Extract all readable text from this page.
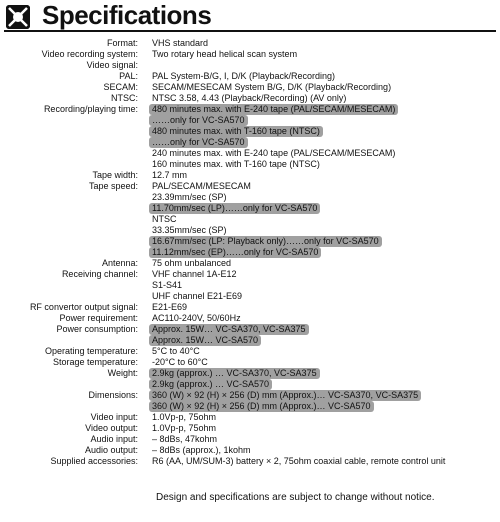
Specifications
Format: VHS standard
Video recording system: Two rotary head helical scan system
Video signal:
PAL: PAL System-B/G, I, D/K (Playback/Recording)
SECAM: SECAM/MESECAM System B/G, D/K (Playback/Recording)
NTSC: NTSC 3.58, 4.43 (Playback/Recording) (AV only)
Recording/playing time:	480 minutes max. with E-240 tape (PAL/SECAM/MESECAM)
……only for VC-SA570
480 minutes max. with T-160 tape (NTSC)
……only for VC-SA570
240 minutes max. with E-240 tape (PAL/SECAM/MESECAM)
160 minutes max. with T-160 tape (NTSC)
Tape width: 12.7 mm
Tape speed: PAL/SECAM/MESECAM
23.39mm/sec (SP)
11.70mm/sec (LP)……only for VC-SA570
NTSC
33.35mm/sec (SP)
16.67mm/sec (LP: Playback only)……only for VC-SA570
11.12mm/sec (EP)……only for VC-SA570
Antenna: 75 ohm unbalanced
Receiving channel: VHF channel 1A-E12
S1-S41
UHF channel E21-E69
RF convertor output signal: E21-E69
Power requirement: AC110-240V, 50/60Hz
Power consumption:	Approx. 15W… VC-SA370, VC-SA375
Approx. 15W… VC-SA570
Operating temperature: 5°C to 40°C
Storage temperature: -20°C to 60°C
Weight:	2.9kg (approx.) … VC-SA370, VC-SA375
2.9kg (approx.) … VC-SA570
Dimensions:	360 (W) × 92 (H) × 256 (D) mm (Approx.)… VC-SA370, VC-SA375
360 (W) × 92 (H) × 256 (D) mm (Approx.)… VC-SA570
Video input: 1.0Vp-p, 75ohm
Video output: 1.0Vp-p, 75ohm
Audio input: – 8dBs, 47kohm
Audio output: – 8dBs (approx.), 1kohm
Supplied accessories: R6 (AA, UM/SUM-3) battery × 2, 75ohm coaxial cable, remote control unit
Design and specifications are subject to change without notice.
